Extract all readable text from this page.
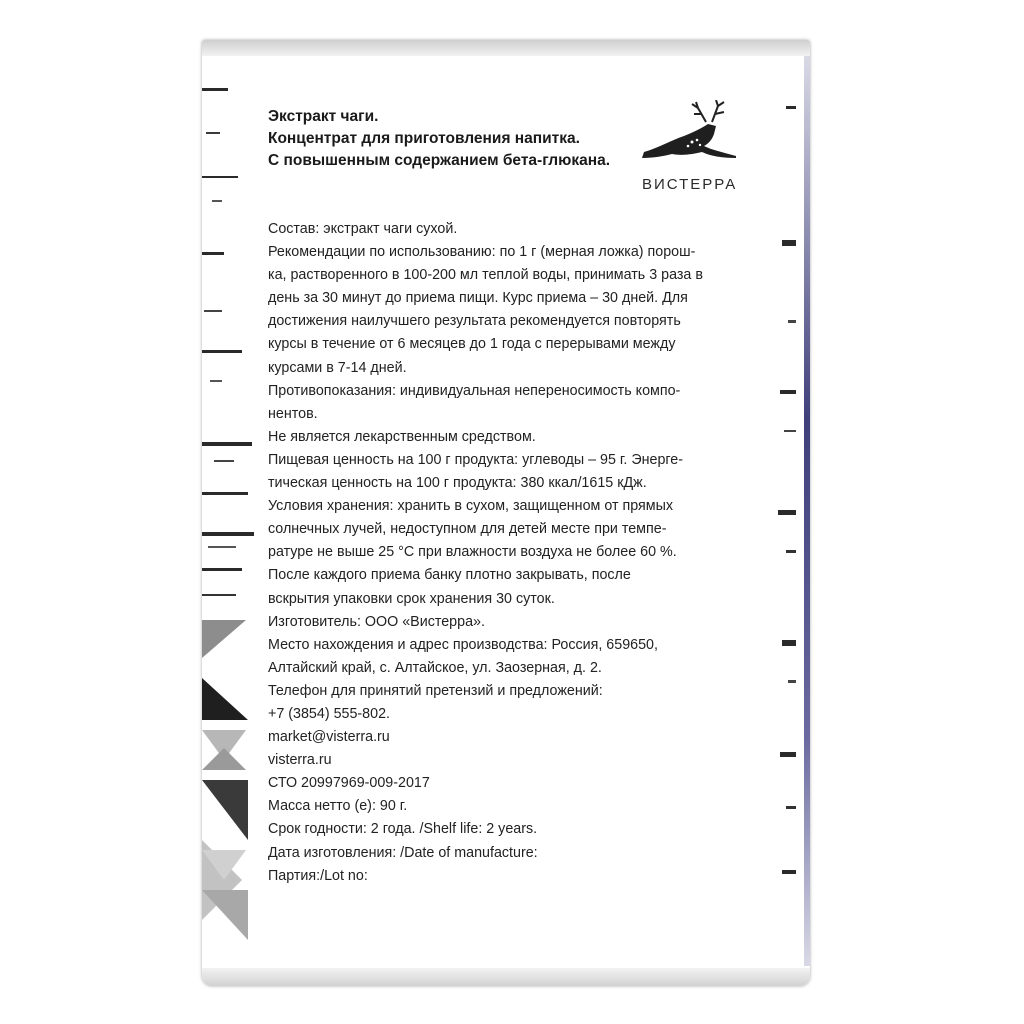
Экстракт чаги.
Концентрат для приготовления напитка.
С повышенным содержанием бета-глюкана.
ВИСТЕРРА
Состав: экстракт чаги сухой.
Рекомендации по использованию: по 1 г (мерная ложка) порош-
ка, растворенного в 100-200 мл теплой воды, принимать 3 раза в
день за 30 минут до приема пищи. Курс приема – 30 дней. Для
достижения наилучшего результата рекомендуется повторять
курсы в течение от 6 месяцев до 1 года с перерывами между
курсами в 7-14 дней.
Противопоказания: индивидуальная непереносимость компо-
нентов.
Не является лекарственным средством.
Пищевая ценность на 100 г продукта: углеводы – 95 г. Энерге-
тическая ценность на 100 г продукта: 380 ккал/1615 кДж.
Условия хранения: хранить в сухом, защищенном от прямых
солнечных лучей, недоступном для детей месте при темпе-
ратуре не выше 25 °С при влажности воздуха не более 60 %.
После каждого приема банку плотно закрывать, после
вскрытия упаковки срок хранения 30 суток.
Изготовитель: ООО «Вистерра».
Место нахождения и адрес производства: Россия, 659650,
Алтайский край, с. Алтайское, ул. Заозерная, д. 2.
Телефон для принятий претензий и предложений:
+7 (3854) 555-802.
market@visterra.ru
visterra.ru
СТО 20997969-009-2017
Масса нетто (е): 90 г.
Срок годности: 2 года. /Shelf life: 2 years.
Дата изготовления: /Date of manufacture:
Партия:/Lot no:
